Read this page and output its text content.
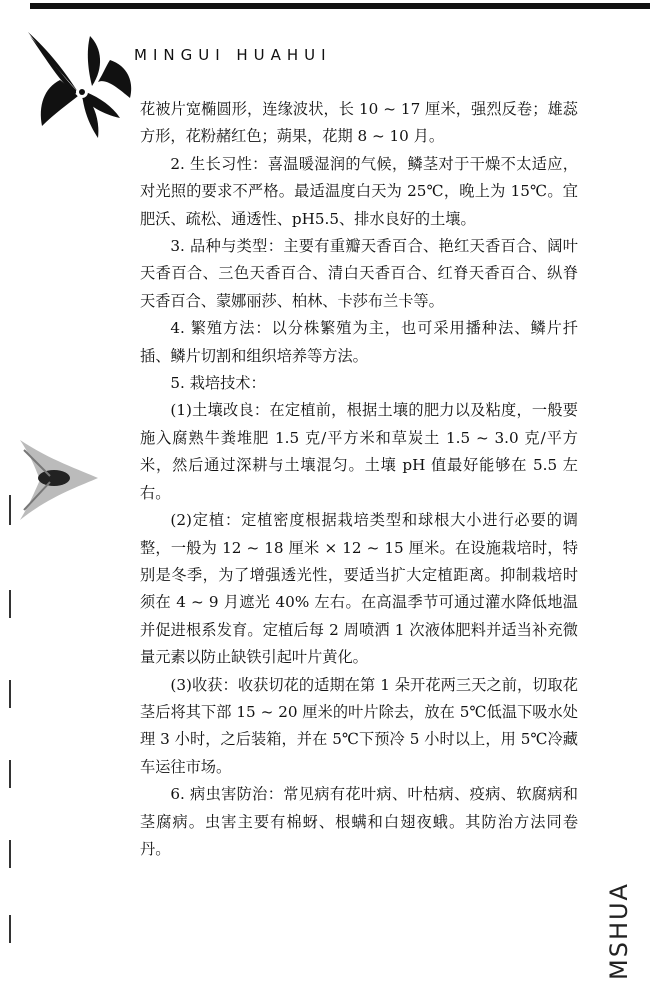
MINGUI HUAHUI

花被片宽椭圆形，连缘波状，长 10 ~ 17 厘米，强烈反卷；雄蕊方形，花粉赭红色；蒴果，花期 8 ~ 10 月。

2. 生长习性：喜温暖湿润的气候，鳞茎对于干燥不太适应，对光照的要求不严格。最适温度白天为 25℃，晚上为 15℃。宜肥沃、疏松、通透性、pH5.5、排水良好的土壤。

3. 品种与类型：主要有重瓣天香百合、艳红天香百合、阔叶天香百合、三色天香百合、清白天香百合、红脊天香百合、纵脊天香百合、蒙娜丽莎、柏林、卡莎布兰卡等。

4. 繁殖方法：以分株繁殖为主，也可采用播种法、鳞片扦插、鳞片切割和组织培养等方法。

5. 栽培技术：

(1)土壤改良：在定植前，根据土壤的肥力以及粘度，一般要施入腐熟牛粪堆肥 1.5 克/平方米和草炭土 1.5 ~ 3.0 克/平方米，然后通过深耕与土壤混匀。土壤 pH 值最好能够在 5.5 左右。

(2)定植：定植密度根据栽培类型和球根大小进行必要的调整，一般为 12 ~ 18 厘米 × 12 ~ 15 厘米。在设施栽培时，特别是冬季，为了增强透光性，要适当扩大定植距离。抑制栽培时须在 4 ~ 9 月遮光 40% 左右。在高温季节可通过灌水降低地温并促进根系发育。定植后每 2 周喷洒 1 次液体肥料并适当补充微量元素以防止缺铁引起叶片黄化。

(3)收获：收获切花的适期在第 1 朵开花两三天之前，切取花茎后将其下部 15 ~ 20 厘米的叶片除去，放在 5℃低温下吸水处理 3 小时，之后装箱，并在 5℃下预冷 5 小时以上，用 5℃冷藏车运往市场。

6. 病虫害防治：常见病有花叶病、叶枯病、疫病、软腐病和茎腐病。虫害主要有棉蚜、根螨和白翅夜蛾。其防治方法同卷丹。

MSHUA
